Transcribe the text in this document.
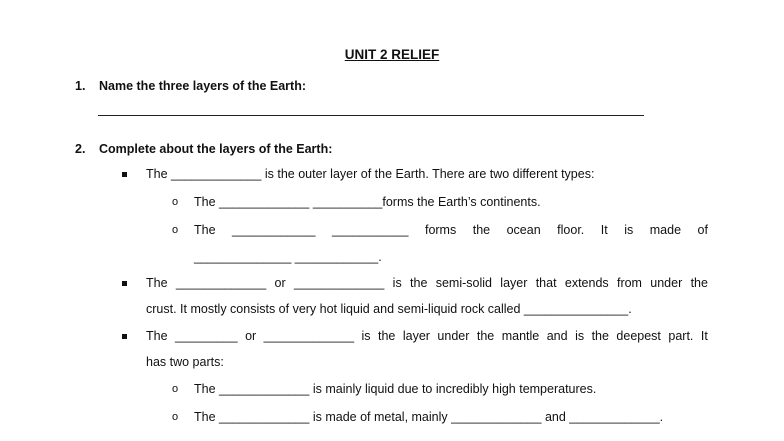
UNIT 2 RELIEF
1. Name the three layers of the Earth:
2. Complete about the layers of the Earth:
The _____________ is the outer layer of the Earth. There are two different types:
o The _____________ __________forms the Earth’s continents.
o The ____________ ___________ forms the ocean floor. It is made of
______________ ____________.
The _____________ or _____________ is the semi-solid layer that extends from under the
crust. It mostly consists of very hot liquid and semi-liquid rock called _______________.
The _________ or _____________ is the layer under the mantle and is the deepest part. It
has two parts:
o The _____________ is mainly liquid due to incredibly high temperatures.
o The _____________ is made of metal, mainly _____________ and _____________.
